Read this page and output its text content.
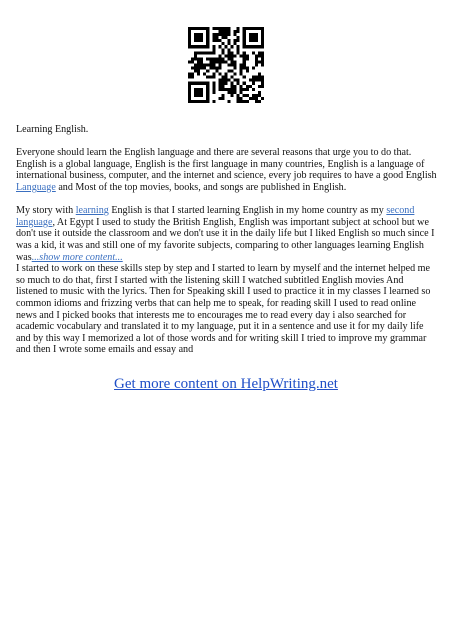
Learning English.

Everyone should learn the English language and there are several reasons that urge you to do that. English is a global language, English is the first language in many countries, English is a language of international business, computer, and the internet and science, every job requires to have a good English Language and Most of the top movies, books, and songs are published in English.

My story with learning English is that I started learning English in my home country as my second language, At Egypt I used to study the British English, English was important subject at school but we don't use it outside the classroom and we don't use it in the daily life but I liked English so much since I was a kid, it was and still one of my favorite subjects, comparing to other languages learning English was...show more content...

I started to work on these skills step by step and I started to learn by myself and the internet helped me so much to do that, first I started with the listening skill I watched subtitled English movies And listened to music with the lyrics. Then for Speaking skill I used to practice it in my classes I learned so common idioms and frizzing verbs that can help me to speak, for reading skill I used to read online news and I picked books that interests me to encourages me to read every day i also searched for academic vocabulary and translated it to my language, put it in a sentence and use it for my daily life and by this way I memorized a lot of those words and for writing skill I tried to improve my grammar and then I wrote some emails and essay and

Get more content on HelpWriting.net
